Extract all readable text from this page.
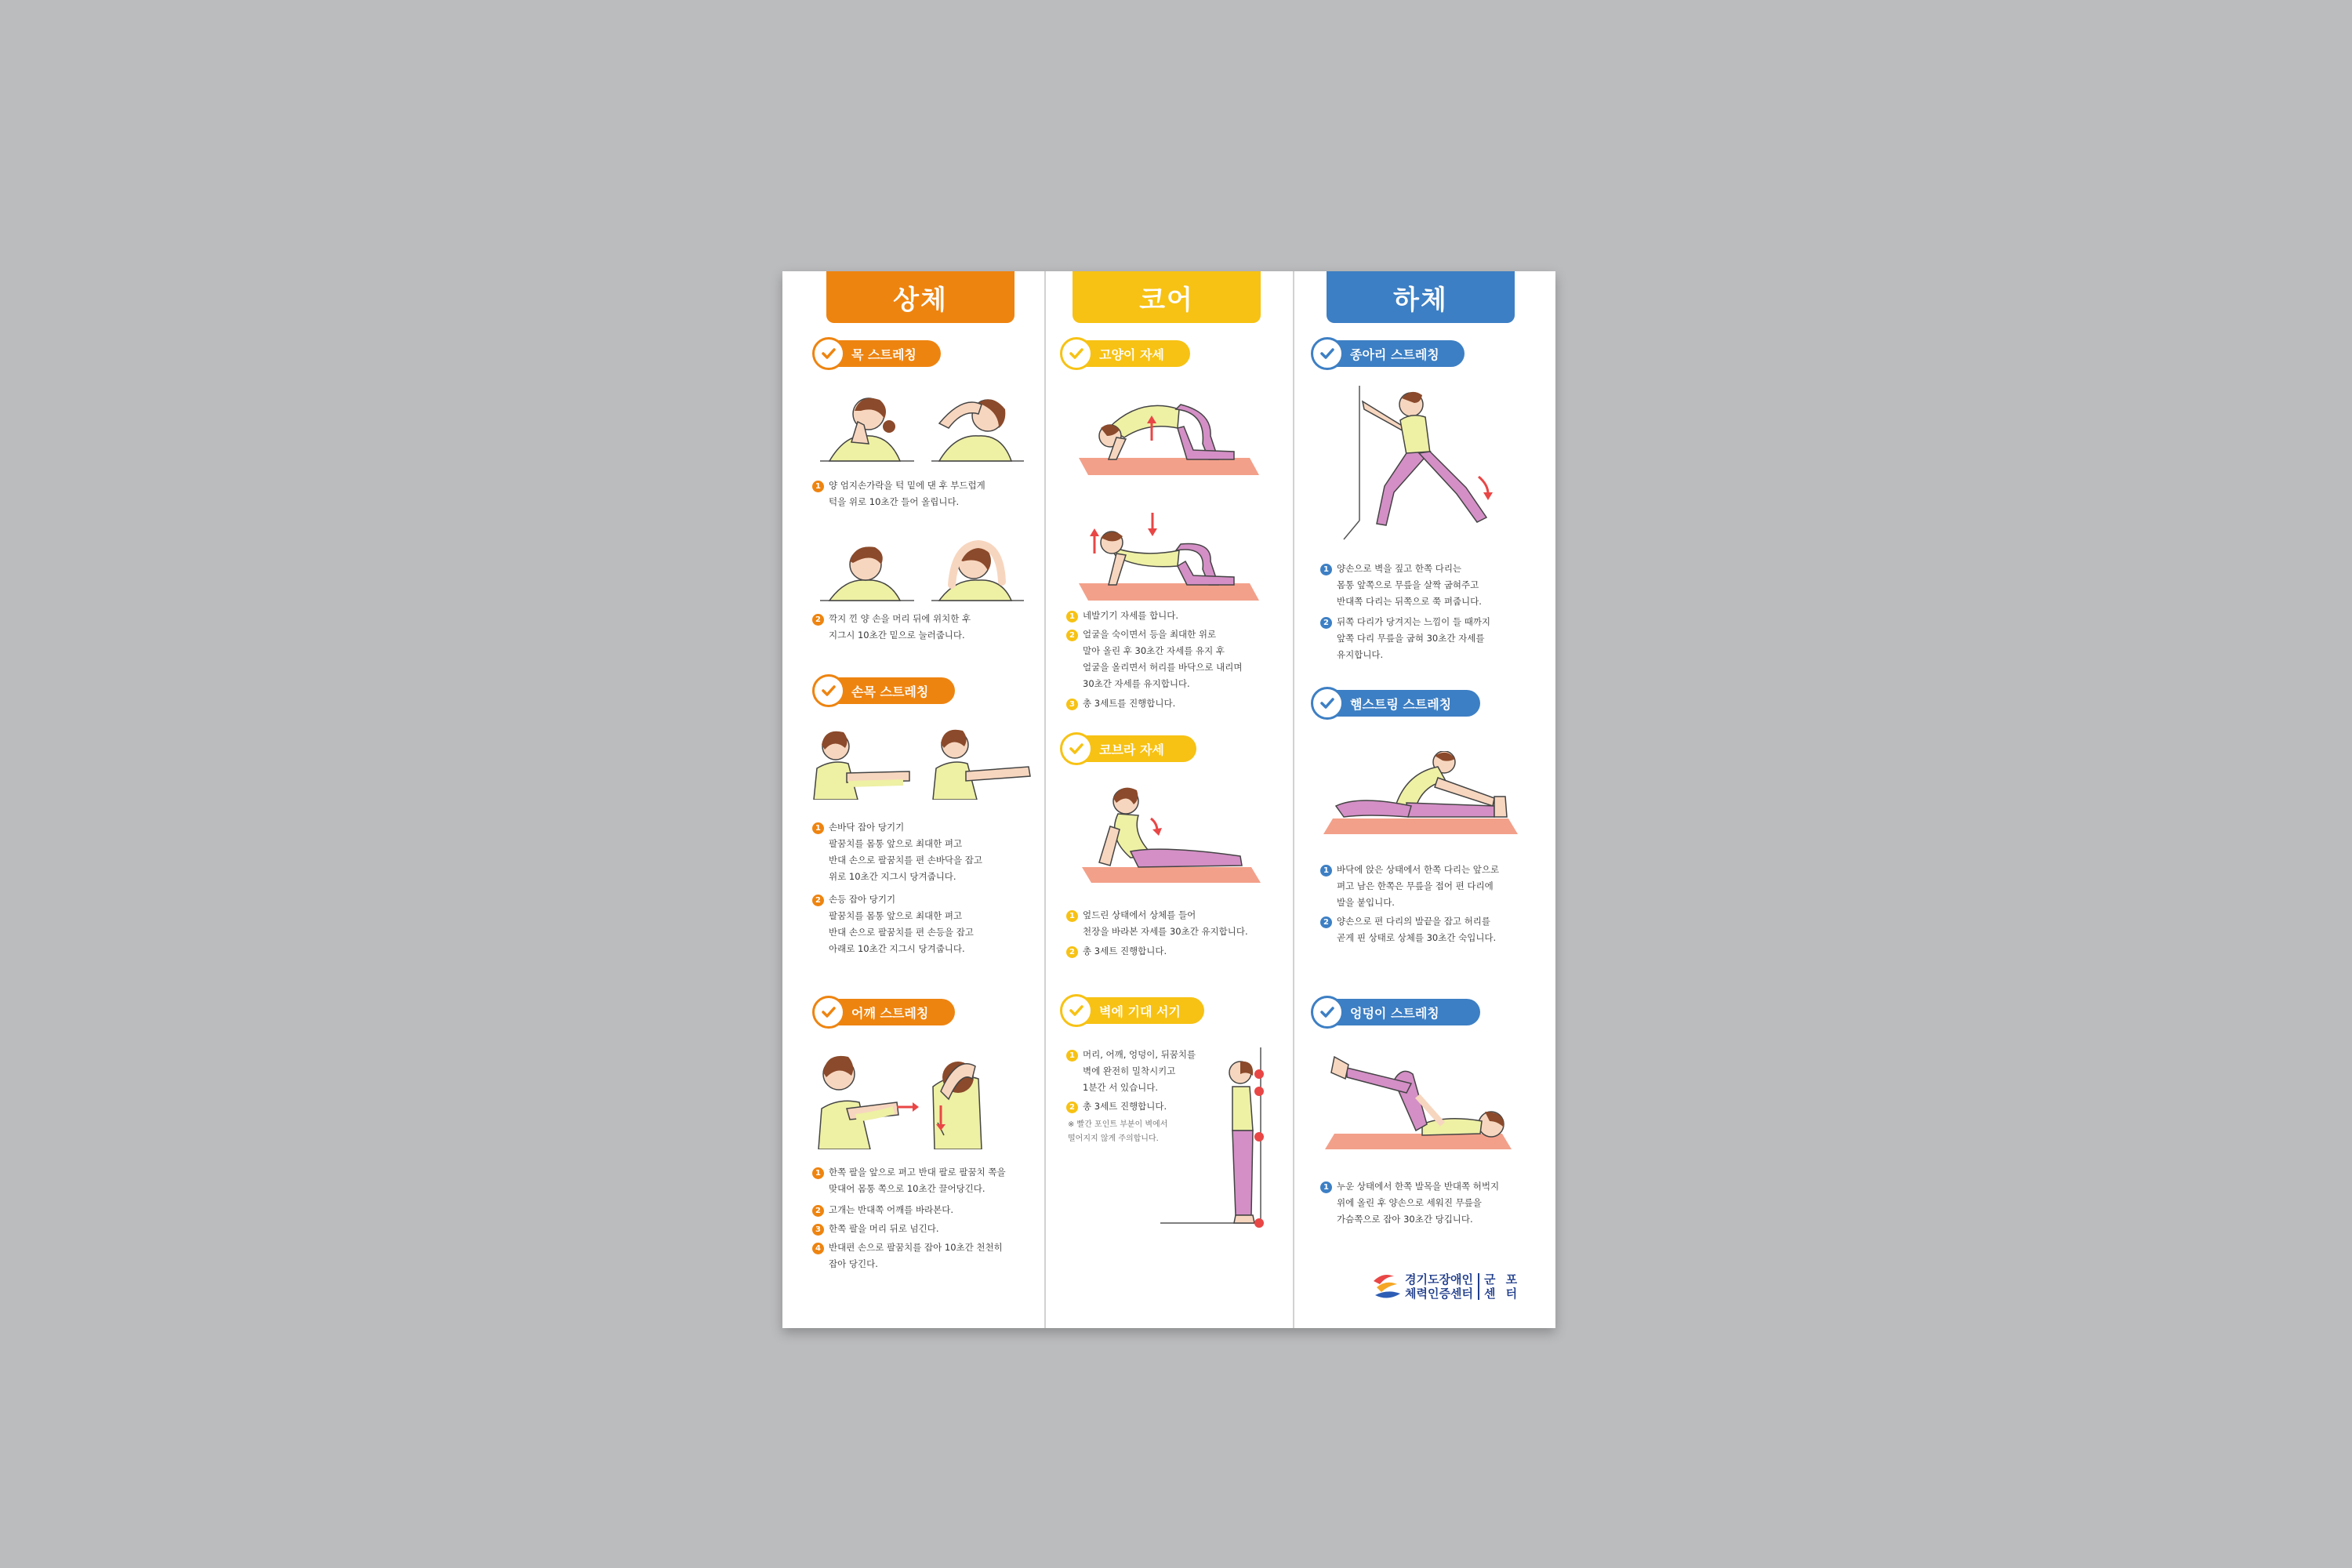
상체
목 스트레칭
1 양 엄지손가락을 턱 밑에 댄 후 부드럽게
턱을 위로 10초간 들어 올립니다.
2 깍지 낀 양 손을 머리 뒤에 위치한 후
지그시 10초간 밑으로 눌러줍니다.
손목 스트레칭
1 손바닥 잡아 당기기
팔꿈치를 몸통 앞으로 최대한 펴고
반대 손으로 팔꿈치를 편 손바닥을 잡고
위로 10초간 지그시 당겨줍니다.
2 손등 잡아 당기기
팔꿈치를 몸통 앞으로 최대한 펴고
반대 손으로 팔꿈치를 편 손등을 잡고
아래로 10초간 지그시 당겨줍니다.
어깨 스트레칭
1 한쪽 팔을 앞으로 펴고 반대 팔로 팔꿈치 쪽을
맞대어 몸통 쪽으로 10초간 끌어당긴다.
2 고개는 반대쪽 어깨를 바라본다.
3 한쪽 팔을 머리 뒤로 넘긴다.
4 반대편 손으로 팔꿈치를 잡아 10초간 천천히
잡아 당긴다.
코어
고양이 자세
1 네발기기 자세를 합니다.
2 얼굴을 숙이면서 등을 최대한 위로
말아 올린 후 30초간 자세를 유지 후
얼굴을 올리면서 허리를 바닥으로 내리며
30초간 자세를 유지합니다.
3 총 3세트를 진행합니다.
코브라 자세
1 엎드린 상태에서 상체를 들어
천장을 바라본 자세를 30초간 유지합니다.
2 총 3세트 진행합니다.
벽에 기대 서기
1 머리, 어깨, 엉덩이, 뒤꿈치를
벽에 완전히 밀착시키고
1분간 서 있습니다.
2 총 3세트 진행합니다.
※ 빨간 포인트 부분이 벽에서
떨어지지 않게 주의합니다.
하체
종아리 스트레칭
1 양손으로 벽을 짚고 한쪽 다리는
몸통 앞쪽으로 무릎을 살짝 굽혀주고
반대쪽 다리는 뒤쪽으로 쭉 펴줍니다.
2 뒤쪽 다리가 당겨지는 느낌이 들 때까지
앞쪽 다리 무릎을 굽혀 30초간 자세를
유지합니다.
햄스트링 스트레칭
1 바닥에 앉은 상태에서 한쪽 다리는 앞으로
펴고 남은 한쪽은 무릎을 접어 편 다리에
발을 붙입니다.
2 양손으로 편 다리의 발끝을 잡고 허리를
곧게 핀 상태로 상체를 30초간 숙입니다.
엉덩이 스트레칭
1 누운 상태에서 한쪽 발목을 반대쪽 허벅지
위에 올린 후 양손으로 세워진 무릎을
가슴쪽으로 잡아 30초간 당깁니다.
경기도장애인
체력인증센터
군 포
센 터
